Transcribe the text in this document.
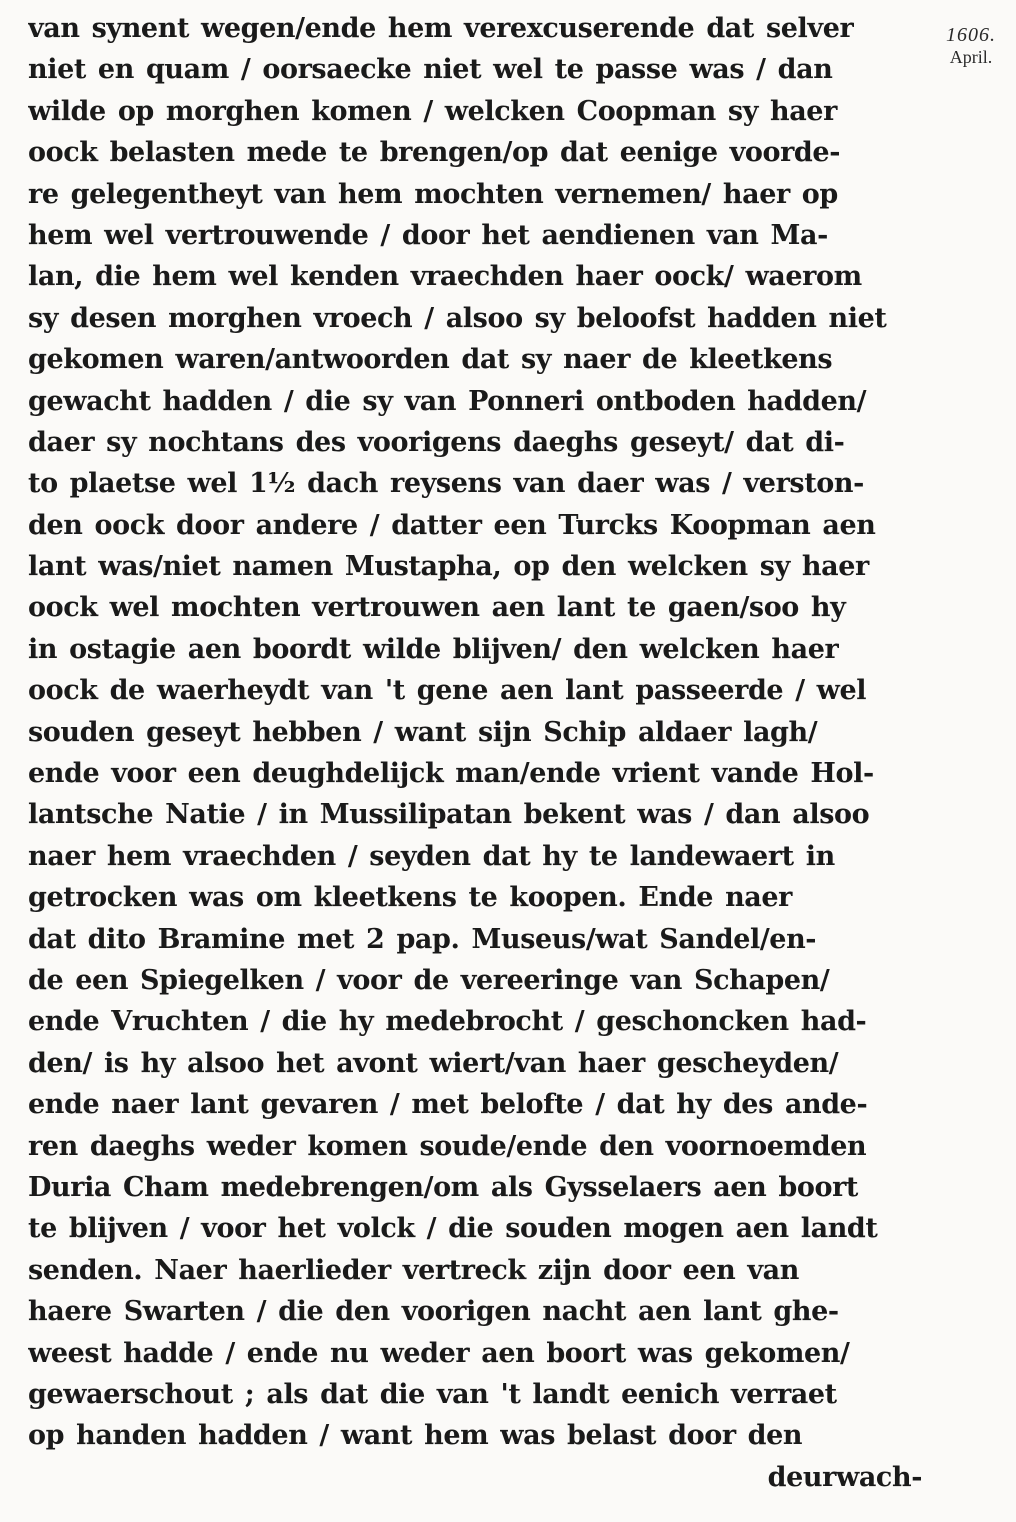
1606.
April.
van synent wegen/ende hem verexcuserende dat selver
niet en quam / oorsaecke niet wel te passe was / dan
wilde op morghen komen / welcken Coopman sy haer
oock belasten mede te brengen/op dat eenige voorde-
re gelegentheyt van hem mochten vernemen/ haer op
hem wel vertrouwende / door het aendienen van Ma-
lan, die hem wel kenden vraechden haer oock/ waerom
sy desen morghen vroech / alsoo sy beloofst hadden niet
gekomen waren/antwoorden dat sy naer de kleetkens
gewacht hadden / die sy van Ponneri ontboden hadden/
daer sy nochtans des voorigens daeghs geseyt/ dat di-
to plaetse wel 1½ dach reysens van daer was / verston-
den oock door andere / datter een Turcks Koopman aen
lant was/niet namen Mustapha, op den welcken sy haer
oock wel mochten vertrouwen aen lant te gaen/soo hy
in ostagie aen boordt wilde blijven/ den welcken haer
oock de waerheydt van 't gene aen lant passeerde / wel
souden geseyt hebben / want sijn Schip aldaer lagh/
ende voor een deughdelijck man/ende vrient vande Hol-
lantsche Natie / in Mussilipatan bekent was / dan alsoo
naer hem vraechden / seyden dat hy te landewaert in
getrocken was om kleetkens te koopen. Ende naer
dat dito Bramine met 2 pap. Museus/wat Sandel/en-
de een Spiegelken / voor de vereeringe van Schapen/
ende Vruchten / die hy medebrocht / geschoncken had-
den/ is hy alsoo het avont wiert/van haer gescheyden/
ende naer lant gevaren / met belofte / dat hy des ande-
ren daeghs weder komen soude/ende den voornoemden
Duria Cham medebrengen/om als Gysselaers aen boort
te blijven / voor het volck / die souden mogen aen landt
senden. Naer haerlieder vertreck zijn door een van
haere Swarten / die den voorigen nacht aen lant ghe-
weest hadde / ende nu weder aen boort was gekomen/
gewaerschout ; als dat die van 't landt eenich verraet
op handen hadden / want hem was belast door den
deurwach-
